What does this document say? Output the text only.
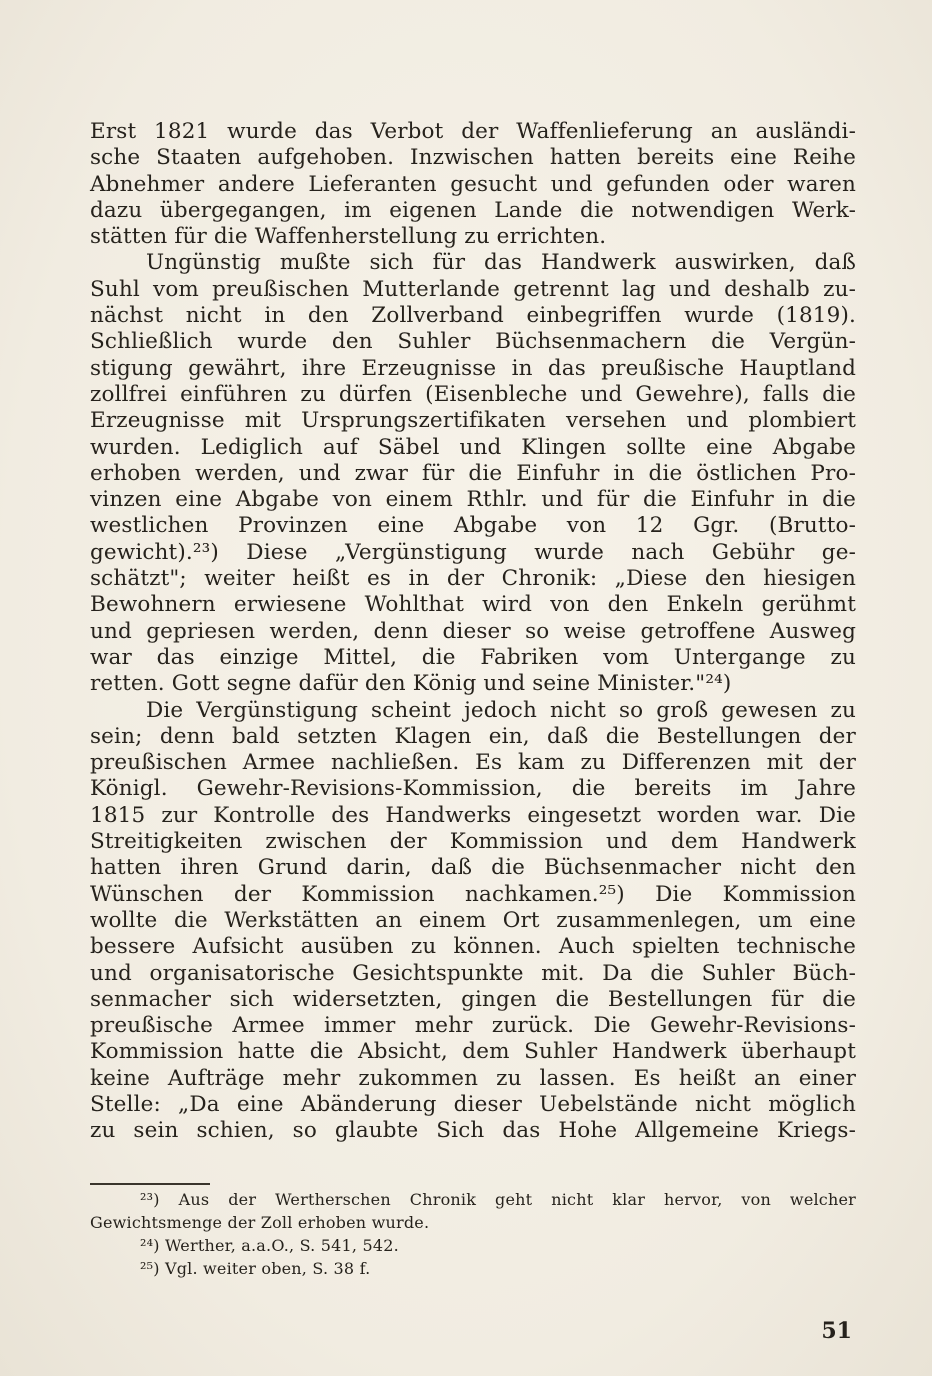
Erst 1821 wurde das Verbot der Waffenlieferung an ausländi-
sche Staaten aufgehoben. Inzwischen hatten bereits eine Reihe
Abnehmer andere Lieferanten gesucht und gefunden oder waren
dazu übergegangen, im eigenen Lande die notwendigen Werk-
stätten für die Waffenherstellung zu errichten.
Ungünstig mußte sich für das Handwerk auswirken, daß
Suhl vom preußischen Mutterlande getrennt lag und deshalb zu-
nächst nicht in den Zollverband einbegriffen wurde (1819).
Schließlich wurde den Suhler Büchsenmachern die Vergün-
stigung gewährt, ihre Erzeugnisse in das preußische Hauptland
zollfrei einführen zu dürfen (Eisenbleche und Gewehre), falls die
Erzeugnisse mit Ursprungszertifikaten versehen und plombiert
wurden. Lediglich auf Säbel und Klingen sollte eine Abgabe
erhoben werden, und zwar für die Einfuhr in die östlichen Pro-
vinzen eine Abgabe von einem Rthlr. und für die Einfuhr in die
westlichen Provinzen eine Abgabe von 12 Ggr. (Brutto-
gewicht).²³) Diese „Vergünstigung wurde nach Gebühr ge-
schätzt"; weiter heißt es in der Chronik: „Diese den hiesigen
Bewohnern erwiesene Wohlthat wird von den Enkeln gerühmt
und gepriesen werden, denn dieser so weise getroffene Ausweg
war das einzige Mittel, die Fabriken vom Untergange zu
retten. Gott segne dafür den König und seine Minister."²⁴)
Die Vergünstigung scheint jedoch nicht so groß gewesen zu
sein; denn bald setzten Klagen ein, daß die Bestellungen der
preußischen Armee nachließen. Es kam zu Differenzen mit der
Königl. Gewehr-Revisions-Kommission, die bereits im Jahre
1815 zur Kontrolle des Handwerks eingesetzt worden war. Die
Streitigkeiten zwischen der Kommission und dem Handwerk
hatten ihren Grund darin, daß die Büchsenmacher nicht den
Wünschen der Kommission nachkamen.²⁵) Die Kommission
wollte die Werkstätten an einem Ort zusammenlegen, um eine
bessere Aufsicht ausüben zu können. Auch spielten technische
und organisatorische Gesichtspunkte mit. Da die Suhler Büch-
senmacher sich widersetzten, gingen die Bestellungen für die
preußische Armee immer mehr zurück. Die Gewehr-Revisions-
Kommission hatte die Absicht, dem Suhler Handwerk überhaupt
keine Aufträge mehr zukommen zu lassen. Es heißt an einer
Stelle: „Da eine Abänderung dieser Uebelstände nicht möglich
zu sein schien, so glaubte Sich das Hohe Allgemeine Kriegs-
²³) Aus der Wertherschen Chronik geht nicht klar hervor, von welcher
Gewichtsmenge der Zoll erhoben wurde.
²⁴) Werther, a.a.O., S. 541, 542.
²⁵) Vgl. weiter oben, S. 38 f.
51
